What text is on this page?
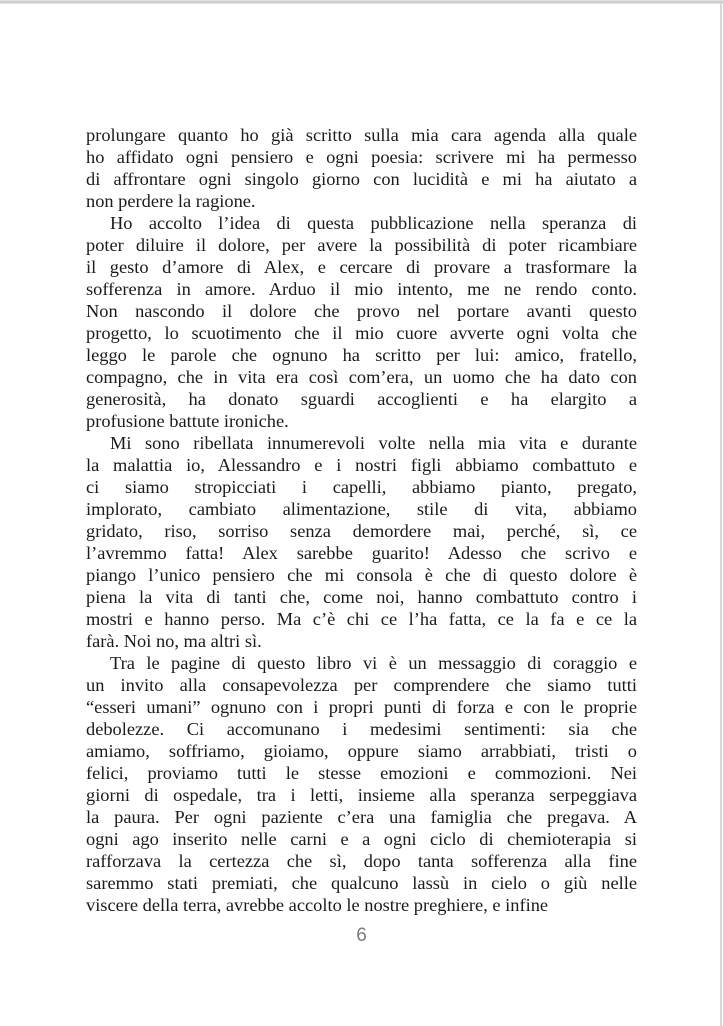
prolungare quanto ho già scritto sulla mia cara agenda alla quale
ho affidato ogni pensiero e ogni poesia: scrivere mi ha permesso
di affrontare ogni singolo giorno con lucidità e mi ha aiutato a
non perdere la ragione.
Ho accolto l’idea di questa pubblicazione nella speranza di
poter diluire il dolore, per avere la possibilità di poter ricambiare
il gesto d’amore di Alex, e cercare di provare a trasformare la
sofferenza in amore. Arduo il mio intento, me ne rendo conto.
Non nascondo il dolore che provo nel portare avanti questo
progetto, lo scuotimento che il mio cuore avverte ogni volta che
leggo le parole che ognuno ha scritto per lui: amico, fratello,
compagno, che in vita era così com’era, un uomo che ha dato con
generosità, ha donato sguardi accoglienti e ha elargito a
profusione battute ironiche.
Mi sono ribellata innumerevoli volte nella mia vita e durante
la malattia io, Alessandro e i nostri figli abbiamo combattuto e
ci siamo stropicciati i capelli, abbiamo pianto, pregato,
implorato, cambiato alimentazione, stile di vita, abbiamo
gridato, riso, sorriso senza demordere mai, perché, sì, ce
l’avremmo fatta! Alex sarebbe guarito! Adesso che scrivo e
piango l’unico pensiero che mi consola è che di questo dolore è
piena la vita di tanti che, come noi, hanno combattuto contro i
mostri e hanno perso. Ma c’è chi ce l’ha fatta, ce la fa e ce la
farà. Noi no, ma altri sì.
Tra le pagine di questo libro vi è un messaggio di coraggio e
un invito alla consapevolezza per comprendere che siamo tutti
“esseri umani” ognuno con i propri punti di forza e con le proprie
debolezze. Ci accomunano i medesimi sentimenti: sia che
amiamo, soffriamo, gioiamo, oppure siamo arrabbiati, tristi o
felici, proviamo tutti le stesse emozioni e commozioni. Nei
giorni di ospedale, tra i letti, insieme alla speranza serpeggiava
la paura. Per ogni paziente c’era una famiglia che pregava. A
ogni ago inserito nelle carni e a ogni ciclo di chemioterapia si
rafforzava la certezza che sì, dopo tanta sofferenza alla fine
saremmo stati premiati, che qualcuno lassù in cielo o giù nelle
viscere della terra, avrebbe accolto le nostre preghiere, e infine
6
